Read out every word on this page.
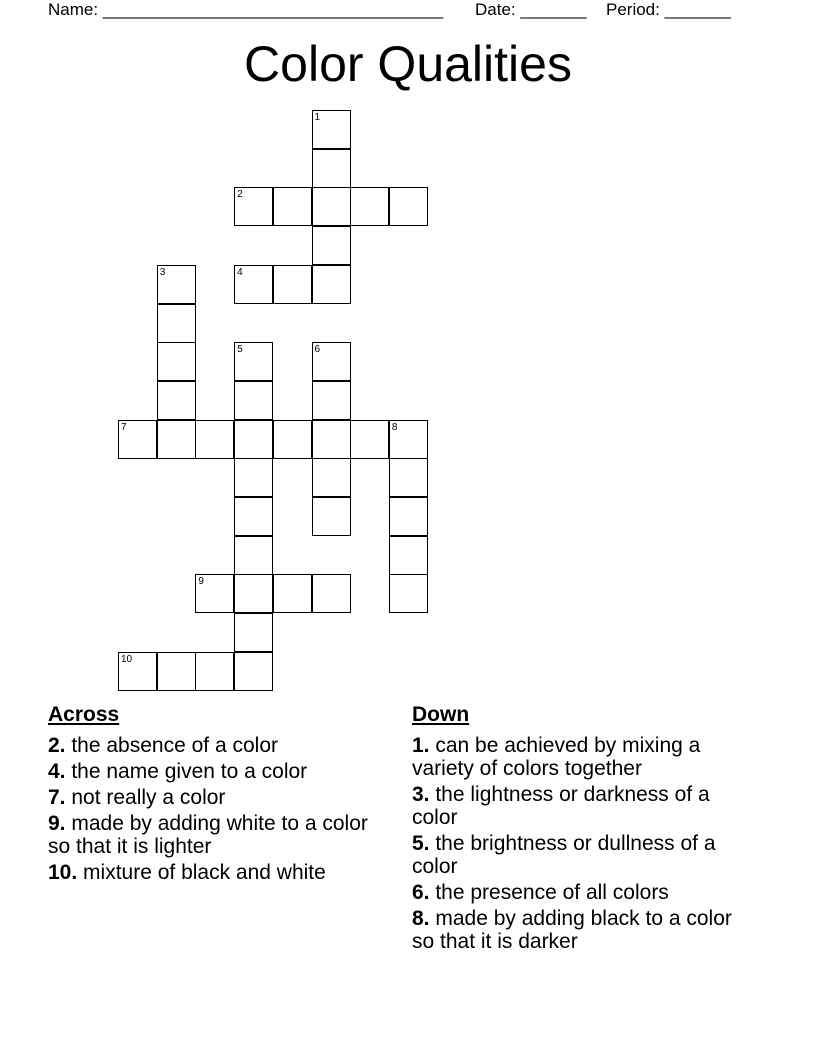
Name: ____________________________________ Date: _______ Period: _______
Color Qualities
1
2
3	4
5	6
7	8
9
10
Across
2. the absence of a color
4. the name given to a color
7. not really a color
9. made by adding white to a color so that it is lighter
10. mixture of black and white
Down
1. can be achieved by mixing a variety of colors together
3. the lightness or darkness of a color
5. the brightness or dullness of a color
6. the presence of all colors
8. made by adding black to a color so that it is darker
